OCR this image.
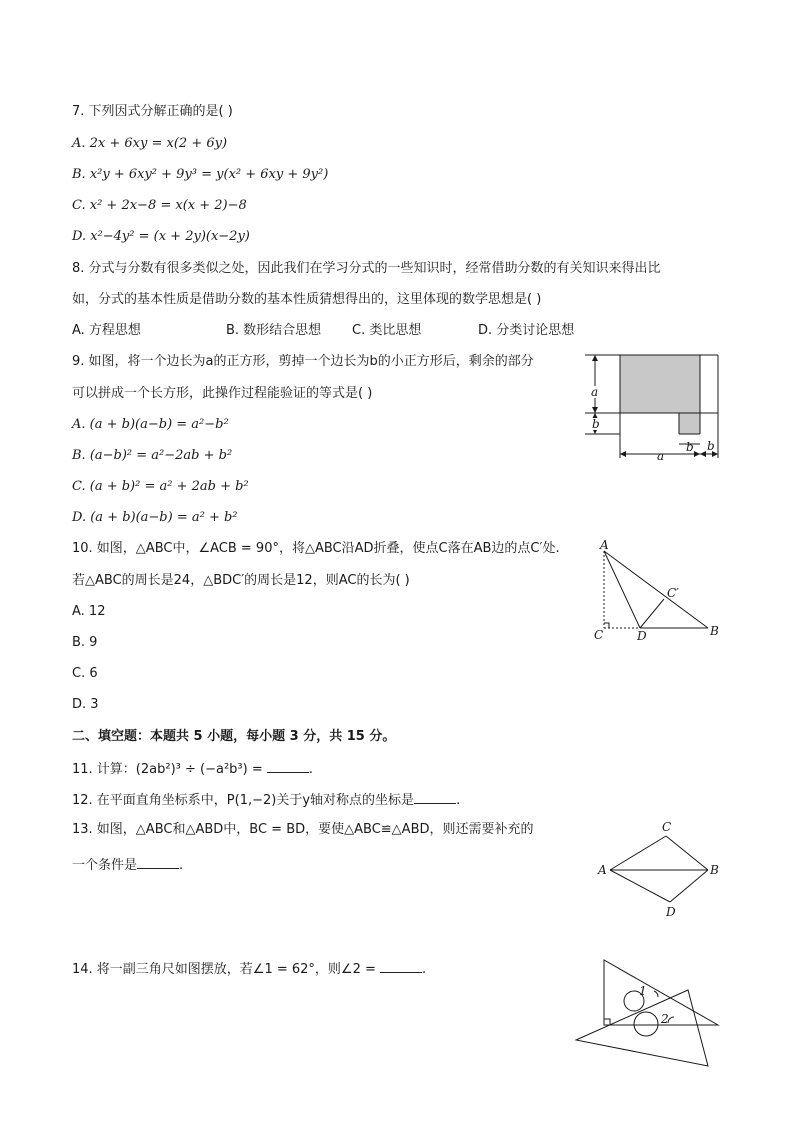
7. 下列因式分解正确的是( )
A. 2x + 6xy = x(2 + 6y)
B. x²y + 6xy² + 9y³ = y(x² + 6xy + 9y²)
C. x² + 2x−8 = x(x + 2)−8
D. x²−4y² = (x + 2y)(x−2y)
8. 分式与分数有很多类似之处，因此我们在学习分式的一些知识时，经常借助分数的有关知识来得出比
如，分式的基本性质是借助分数的基本性质猜想得出的，这里体现的数学思想是( )
A. 方程思想	B. 数形结合思想 C. 类比思想	D. 分类讨论思想
9. 如图，将一个边长为a的正方形，剪掉一个边长为b的小正方形后，剩余的部分
可以拼成一个长方形，此操作过程能验证的等式是( )
A. (a + b)(a−b) = a²−b²
B. (a−b)² = a²−2ab + b²
C. (a + b)² = a² + 2ab + b²
D. (a + b)(a−b) = a² + b²
a
b
b
a
b
10. 如图，△ABC中，∠ACB = 90°，将△ABC沿AD折叠，使点C落在AB边的点C′处.
若△ABC的周长是24，△BDC′的周长是12，则AC的长为( )
A. 12
B. 9
C. 6
D. 3
A
C′
C	D	B
二、填空题：本题共 5 小题，每小题 3 分，共 15 分。
11. 计算：(2ab²)³ ÷ (−a²b³) =	.
12. 在平面直角坐标系中，P(1,−2)关于y轴对称点的坐标是	.
13. 如图，△ABC和△ABD中，BC = BD，要使△ABC≌△ABD，则还需要补充的
一个条件是	.
C
A	B
D
14. 将一副三角尺如图摆放，若∠1 = 62°，则∠2 =	.
1
2
